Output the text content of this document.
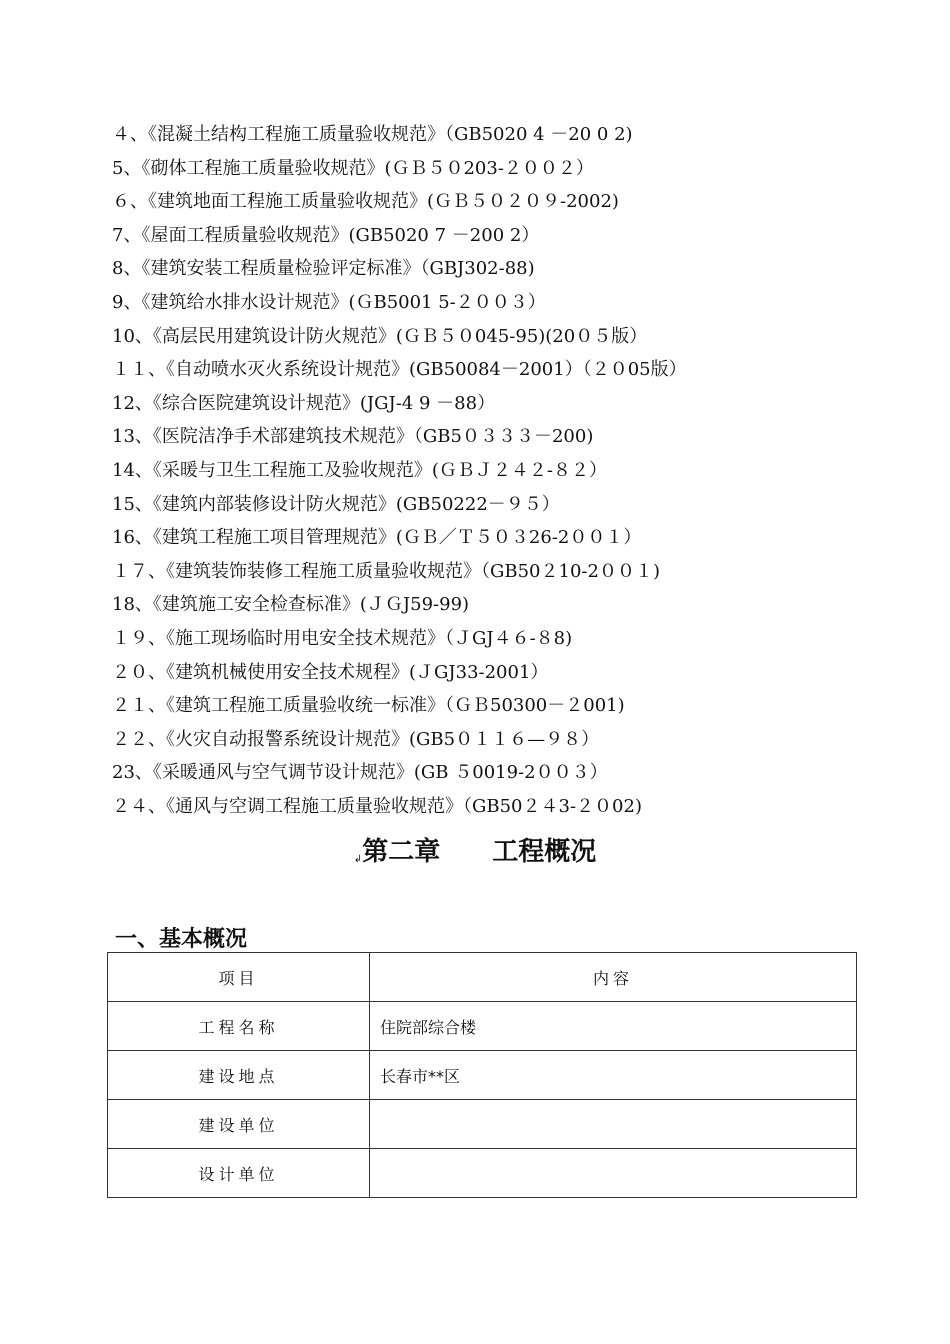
４、《混凝土结构工程施工质量验收规范》（GB5020 4 －20 0 2)
5、《砌体工程施工质量验收规范》(ＧＢ５０203-２００２）
６、《建筑地面工程施工质量验收规范》(ＧＢ５０２０９-2002)
7、《屋面工程质量验收规范》(GB5020 7 －200 2）
8、《建筑安装工程质量检验评定标准》（GBJ302-88)
9、《建筑给水排水设计规范》(ＧB5001 5-２００３）
10、《高层民用建筑设计防火规范》(ＧＢ５０045-95)(20０５版）
１１、《自动喷水灭火系统设计规范》(GB50084－2001）（２０05版）
12、《综合医院建筑设计规范》(JGJ-4 9 －88）
13、《医院洁净手术部建筑技术规范》（GB5０３３３－200)
14、《采暖与卫生工程施工及验收规范》(ＧＢＪ２４２-８２）
15、《建筑内部装修设计防火规范》(GB50222－９５）
16、《建筑工程施工项目管理规范》(ＧＢ／Ｔ５０３26-2００１）
１７、《建筑装饰装修工程施工质量验收规范》（GB50２10-2００１)
18、《建筑施工安全检查标准》(ＪＧJ59-99)
１９、《施工现场临时用电安全技术规范》（ＪGJ４６-８8)
２０、《建筑机械使用安全技术规程》(ＪGJ33-2001）
２１、《建筑工程施工质量验收统一标准》（ＧＢ50300－２001)
２２、《火灾自动报警系统设计规范》(GB5０１１６—９８）
23、《采暖通风与空气调节设计规范》(GB ５0019-2００３）
２４、《通风与空调工程施工质量验收规范》（GB50２４3-２０02)
↲第二章　　工程概况
一、基本概况
项目	内容
工程名称	住院部综合楼
建设地点	长春市**区
建设单位	
设计单位	
